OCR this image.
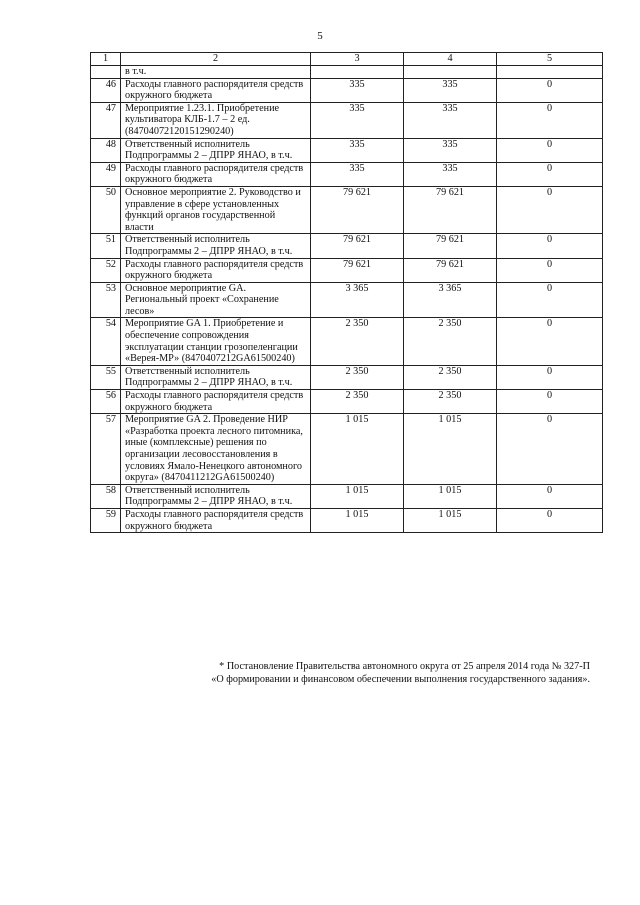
5
1	2	3	4	5
	в т.ч.			
46	Расходы главного распорядителя средств окружного бюджета	335	335	0
47	Мероприятие 1.23.1. Приобретение культиватора КЛБ-1.7 – 2 ед. (84704072120151290240)	335	335	0
48	Ответственный исполнитель Подпрограммы 2 – ДПРР ЯНАО, в т.ч.	335	335	0
49	Расходы главного распорядителя средств окружного бюджета	335	335	0
50	Основное мероприятие 2. Руководство и управление в сфере установленных функций органов государственной власти	79 621	79 621	0
51	Ответственный исполнитель Подпрограммы 2 – ДПРР ЯНАО, в т.ч.	79 621	79 621	0
52	Расходы главного распорядителя средств окружного бюджета	79 621	79 621	0
53	Основное мероприятие GA. Региональный проект «Сохранение лесов»	3 365	3 365	0
54	Мероприятие GA 1. Приобретение и обеспечение сопровождения эксплуатации станции грозопеленгации «Верея-МР» (8470407212GA61500240)	2 350	2 350	0
55	Ответственный исполнитель Подпрограммы 2 – ДПРР ЯНАО, в т.ч.	2 350	2 350	0
56	Расходы главного распорядителя средств окружного бюджета	2 350	2 350	0
57	Мероприятие GA 2. Проведение НИР «Разработка проекта лесного питомника, иные (комплексные) решения по организации лесовосстановления в условиях Ямало-Ненецкого автономного округа» (8470411212GA61500240)	1 015	1 015	0
58	Ответственный исполнитель Подпрограммы 2 – ДПРР ЯНАО, в т.ч.	1 015	1 015	0
59	Расходы главного распорядителя средств окружного бюджета	1 015	1 015	0
* Постановление Правительства автономного округа от 25 апреля 2014 года № 327-П
«О формировании и финансовом обеспечении выполнения государственного задания».
